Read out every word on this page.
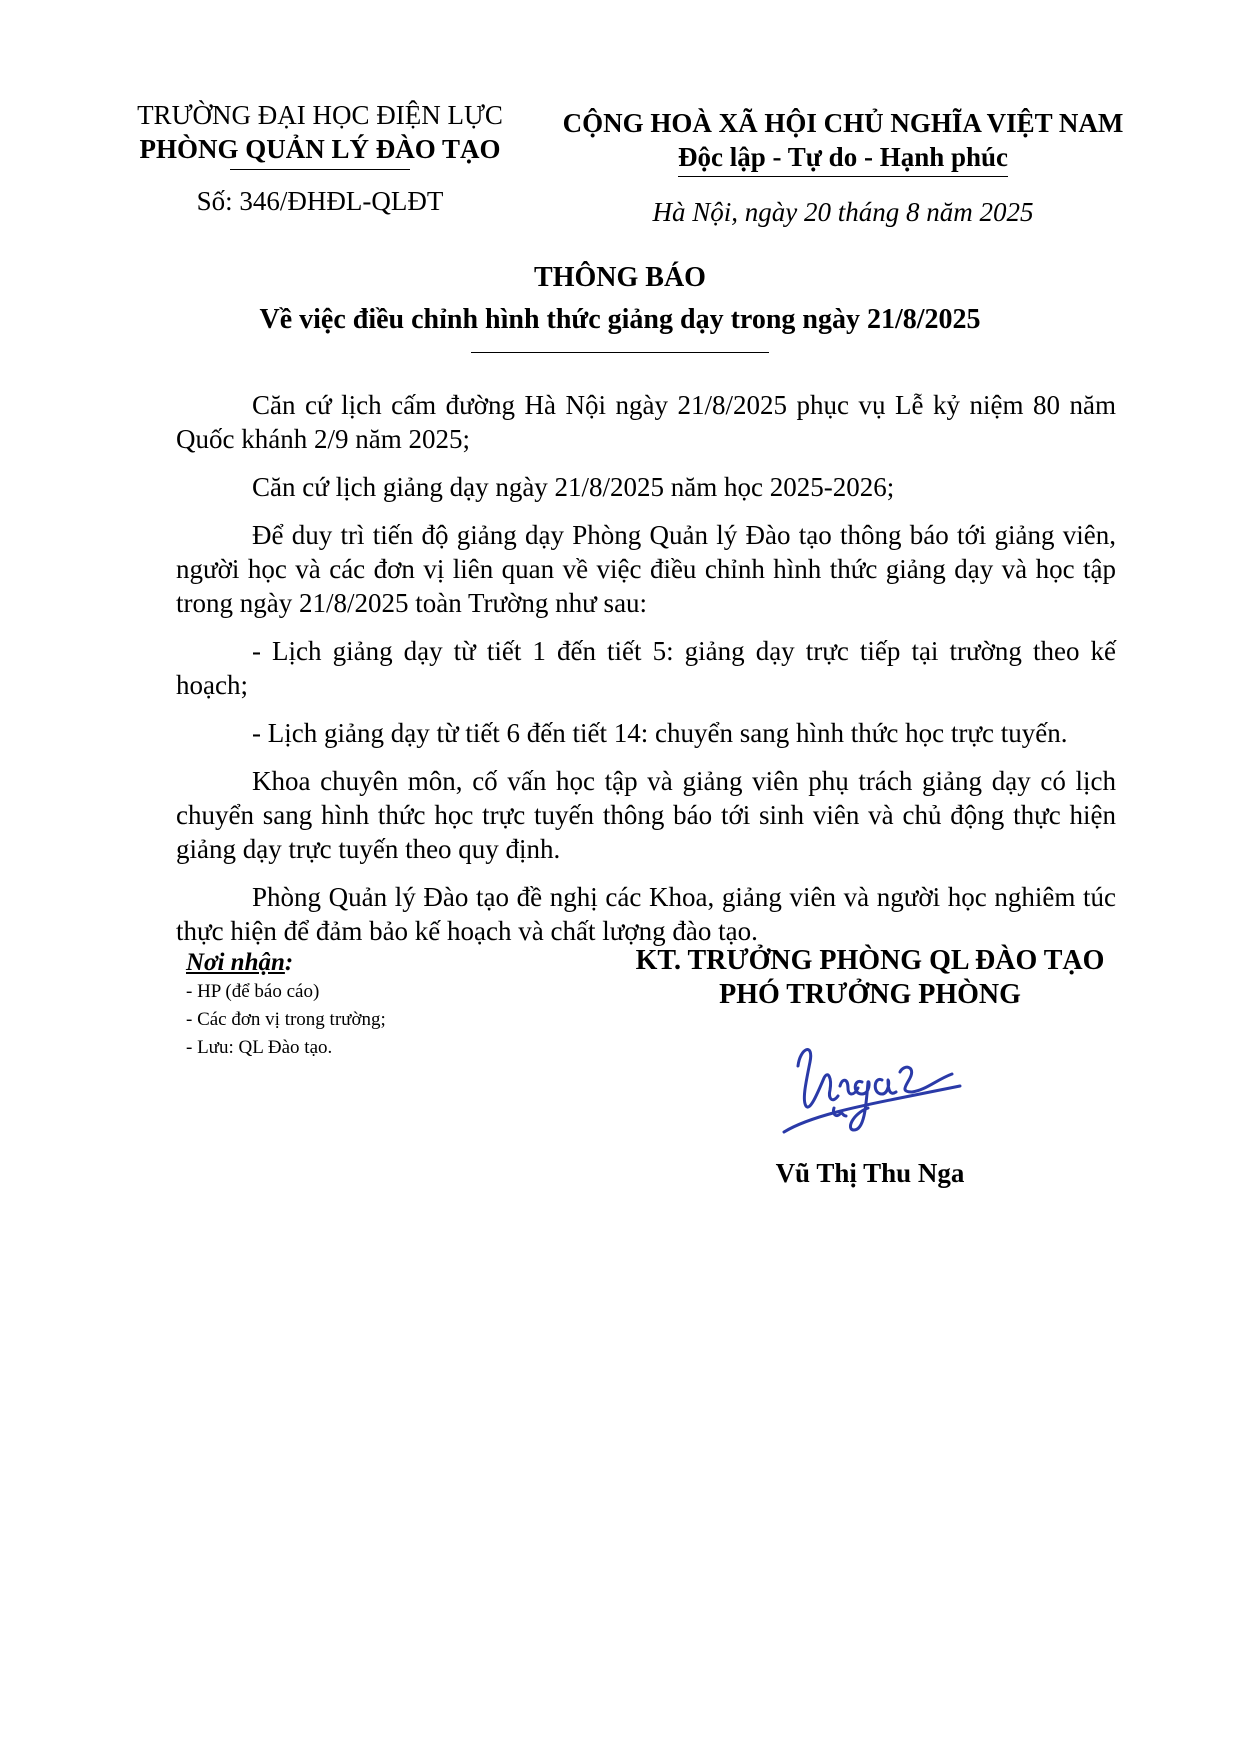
TRƯỜNG ĐẠI HỌC ĐIỆN LỰC
PHÒNG QUẢN LÝ ĐÀO TẠO
Số: 346/ĐHĐL-QLĐT
CỘNG HOÀ XÃ HỘI CHỦ NGHĨA VIỆT NAM
Độc lập - Tự do - Hạnh phúc
Hà Nội, ngày 20 tháng 8 năm 2025
THÔNG BÁO
Về việc điều chỉnh hình thức giảng dạy trong ngày 21/8/2025

Căn cứ lịch cấm đường Hà Nội ngày 21/8/2025 phục vụ Lễ kỷ niệm 80 năm Quốc khánh 2/9 năm 2025;

Căn cứ lịch giảng dạy ngày 21/8/2025 năm học 2025-2026;

Để duy trì tiến độ giảng dạy Phòng Quản lý Đào tạo thông báo tới giảng viên, người học và các đơn vị liên quan về việc điều chỉnh hình thức giảng dạy và học tập trong ngày 21/8/2025 toàn Trường như sau:

- Lịch giảng dạy từ tiết 1 đến tiết 5: giảng dạy trực tiếp tại trường theo kế hoạch;

- Lịch giảng dạy từ tiết 6 đến tiết 14: chuyển sang hình thức học trực tuyến.

Khoa chuyên môn, cố vấn học tập và giảng viên phụ trách giảng dạy có lịch chuyển sang hình thức học trực tuyến thông báo tới sinh viên và chủ động thực hiện giảng dạy trực tuyến theo quy định.

Phòng Quản lý Đào tạo đề nghị các Khoa, giảng viên và người học nghiêm túc thực hiện để đảm bảo kế hoạch và chất lượng đào tạo.

Nơi nhận:
- HP (để báo cáo)
- Các đơn vị trong trường;
- Lưu: QL Đào tạo.
KT. TRƯỞNG PHÒNG QL ĐÀO TẠO
PHÓ TRƯỞNG PHÒNG
Vũ Thị Thu Nga
